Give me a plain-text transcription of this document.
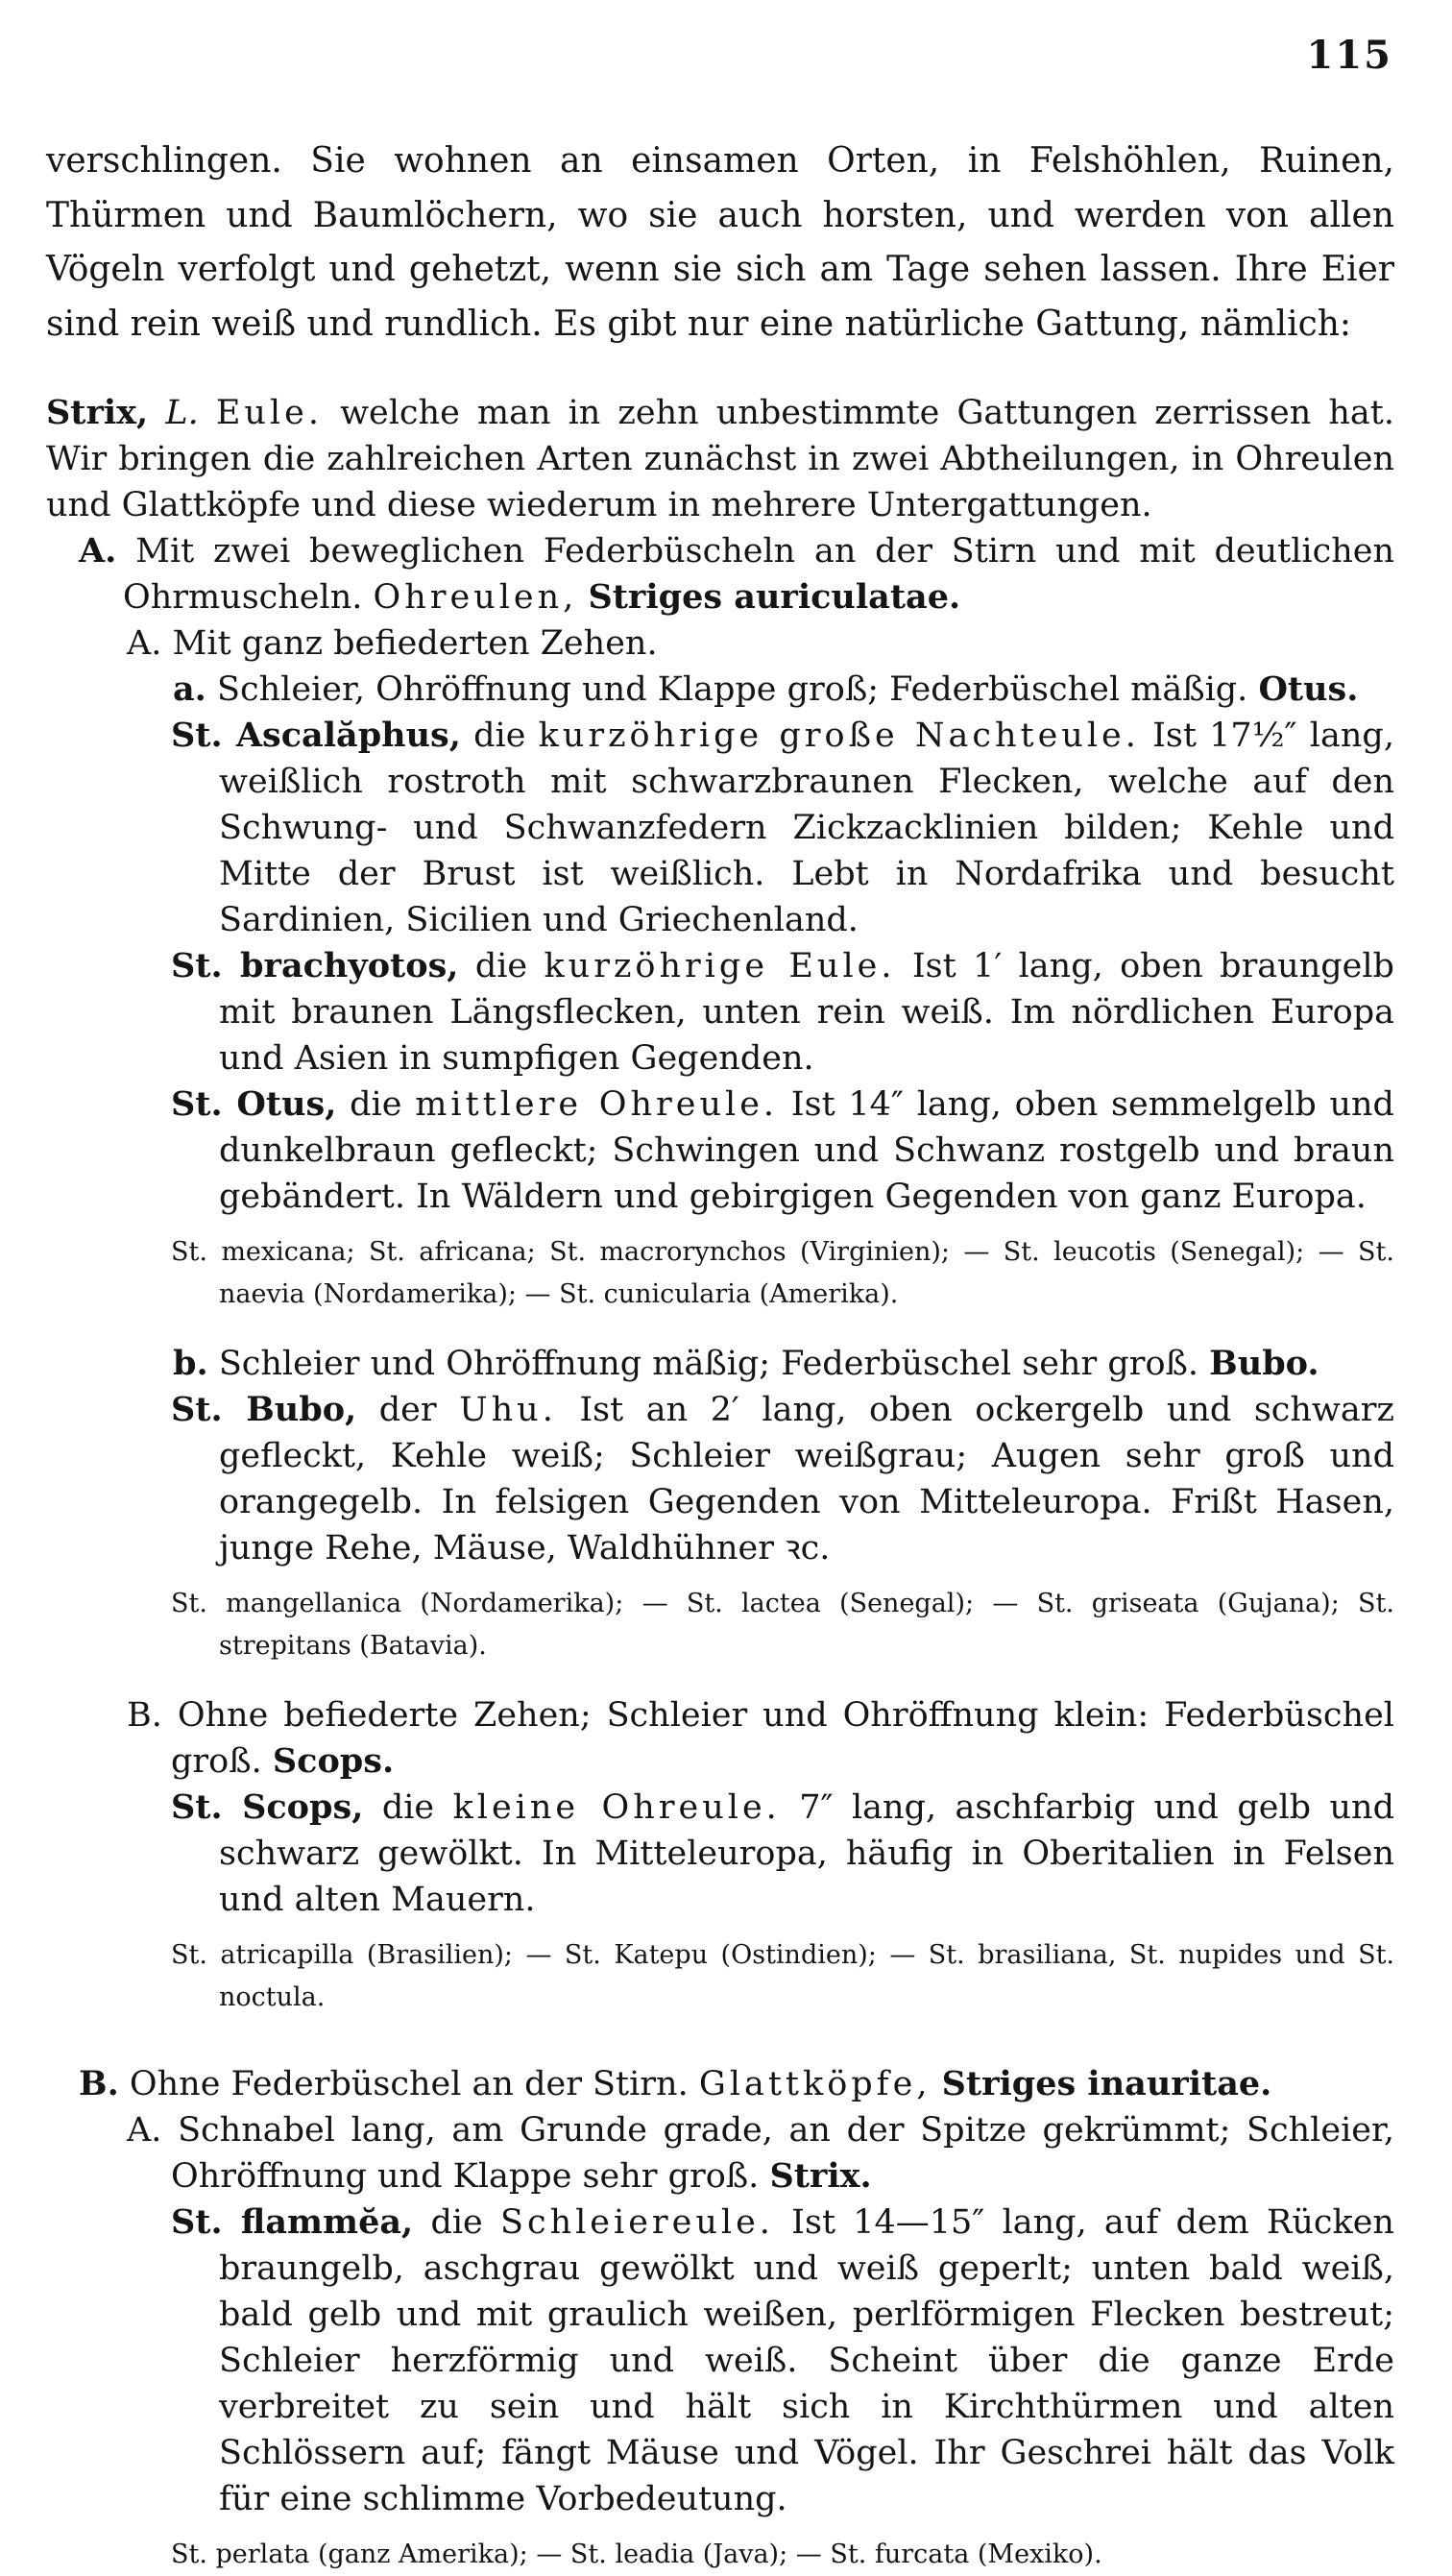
115

verschlingen. Sie wohnen an einsamen Orten, in Felshöhlen, Ruinen, Thürmen und Baumlöchern, wo sie auch horsten, und werden von allen Vögeln verfolgt und gehetzt, wenn sie sich am Tage sehen lassen. Ihre Eier sind rein weiß und rundlich. Es gibt nur eine natürliche Gattung, nämlich:

Strix, L. Eule. welche man in zehn unbestimmte Gattungen zerrissen hat. Wir bringen die zahlreichen Arten zunächst in zwei Abtheilungen, in Ohreulen und Glattköpfe und diese wiederum in mehrere Untergattungen.

A. Mit zwei beweglichen Federbüscheln an der Stirn und mit deutlichen Ohrmuscheln. Ohreulen, Striges auriculatae.

A. Mit ganz befiederten Zehen.

a. Schleier, Ohröffnung und Klappe groß; Federbüschel mäßig. Otus.

St. Ascalăphus, die kurzöhrige große Nachteule. Ist 17½″ lang, weißlich rostroth mit schwarzbraunen Flecken, welche auf den Schwung- und Schwanzfedern Zickzacklinien bilden; Kehle und Mitte der Brust ist weißlich. Lebt in Nordafrika und besucht Sardinien, Sicilien und Griechenland.

St. brachyotos, die kurzöhrige Eule. Ist 1′ lang, oben braungelb mit braunen Längsflecken, unten rein weiß. Im nördlichen Europa und Asien in sumpfigen Gegenden.

St. Otus, die mittlere Ohreule. Ist 14″ lang, oben semmelgelb und dunkelbraun gefleckt; Schwingen und Schwanz rostgelb und braun gebändert. In Wäldern und gebirgigen Gegenden von ganz Europa.

St. mexicana; St. africana; St. macrorynchos (Virginien); — St. leucotis (Senegal); — St. naevia (Nordamerika); — St. cunicularia (Amerika).

b. Schleier und Ohröffnung mäßig; Federbüschel sehr groß. Bubo.

St. Bubo, der Uhu. Ist an 2′ lang, oben ockergelb und schwarz gefleckt, Kehle weiß; Schleier weißgrau; Augen sehr groß und orangegelb. In felsigen Gegenden von Mitteleuropa. Frißt Hasen, junge Rehe, Mäuse, Waldhühner ꝛc.

St. mangellanica (Nordamerika); — St. lactea (Senegal); — St. griseata (Gujana); St. strepitans (Batavia).

B. Ohne befiederte Zehen; Schleier und Ohröffnung klein: Federbüschel groß. Scops.

St. Scops, die kleine Ohreule. 7″ lang, aschfarbig und gelb und schwarz gewölkt. In Mitteleuropa, häufig in Oberitalien in Felsen und alten Mauern.

St. atricapilla (Brasilien); — St. Katepu (Ostindien); — St. brasiliana, St. nupides und St. noctula.

B. Ohne Federbüschel an der Stirn. Glattköpfe, Striges inauritae.

A. Schnabel lang, am Grunde grade, an der Spitze gekrümmt; Schleier, Ohröffnung und Klappe sehr groß. Strix.

St. flammĕa, die Schleiereule. Ist 14—15″ lang, auf dem Rücken braungelb, aschgrau gewölkt und weiß geperlt; unten bald weiß, bald gelb und mit graulich weißen, perlförmigen Flecken bestreut; Schleier herzförmig und weiß. Scheint über die ganze Erde verbreitet zu sein und hält sich in Kirchthürmen und alten Schlössern auf; fängt Mäuse und Vögel. Ihr Geschrei hält das Volk für eine schlimme Vorbedeutung.

St. perlata (ganz Amerika); — St. leadia (Java); — St. furcata (Mexiko).
